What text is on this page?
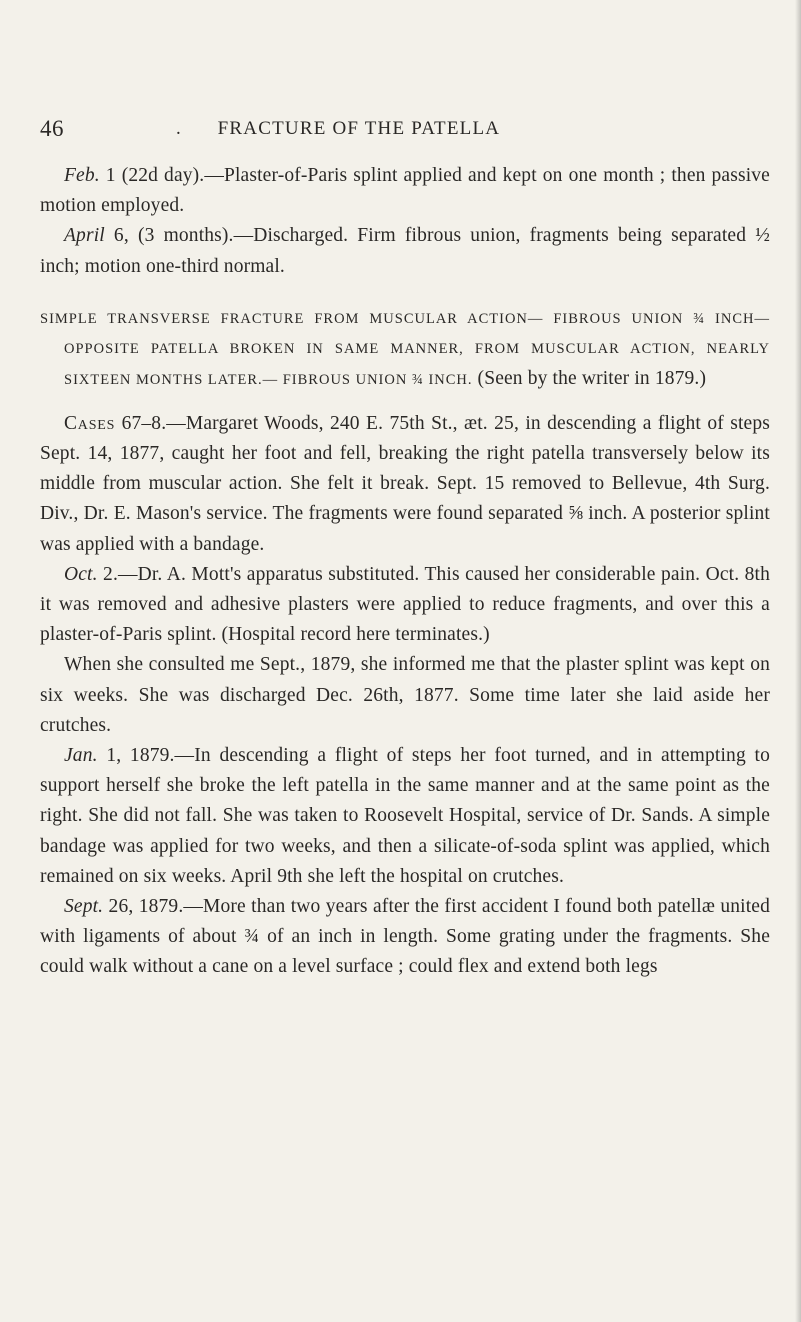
46	. FRACTURE OF THE PATELLA

Feb. 1 (22d day).—Plaster-of-Paris splint applied and kept on one month ; then passive motion employed.

April 6, (3 months).—Discharged. Firm fibrous union, fragments being separated ½ inch; motion one-third normal.

SIMPLE TRANSVERSE FRACTURE FROM MUSCULAR ACTION— FIBROUS UNION ¾ INCH—OPPOSITE PATELLA BROKEN IN SAME MANNER, FROM MUSCULAR ACTION, NEARLY SIXTEEN MONTHS LATER.— FIBROUS UNION ¾ INCH. (Seen by the writer in 1879.)

Cases 67–8.—Margaret Woods, 240 E. 75th St., æt. 25, in descending a flight of steps Sept. 14, 1877, caught her foot and fell, breaking the right patella transversely below its middle from muscular action. She felt it break. Sept. 15 removed to Bellevue, 4th Surg. Div., Dr. E. Mason's service. The fragments were found separated ⅝ inch. A posterior splint was applied with a bandage.

Oct. 2.—Dr. A. Mott's apparatus substituted. This caused her considerable pain. Oct. 8th it was removed and adhesive plasters were applied to reduce fragments, and over this a plaster-of-Paris splint. (Hospital record here terminates.)

When she consulted me Sept., 1879, she informed me that the plaster splint was kept on six weeks. She was discharged Dec. 26th, 1877. Some time later she laid aside her crutches.

Jan. 1, 1879.—In descending a flight of steps her foot turned, and in attempting to support herself she broke the left patella in the same manner and at the same point as the right. She did not fall. She was taken to Roosevelt Hospital, service of Dr. Sands. A simple bandage was applied for two weeks, and then a silicate-of-soda splint was applied, which remained on six weeks. April 9th she left the hospital on crutches.

Sept. 26, 1879.—More than two years after the first accident I found both patellæ united with ligaments of about ¾ of an inch in length. Some grating under the fragments. She could walk without a cane on a level surface ; could flex and extend both legs
